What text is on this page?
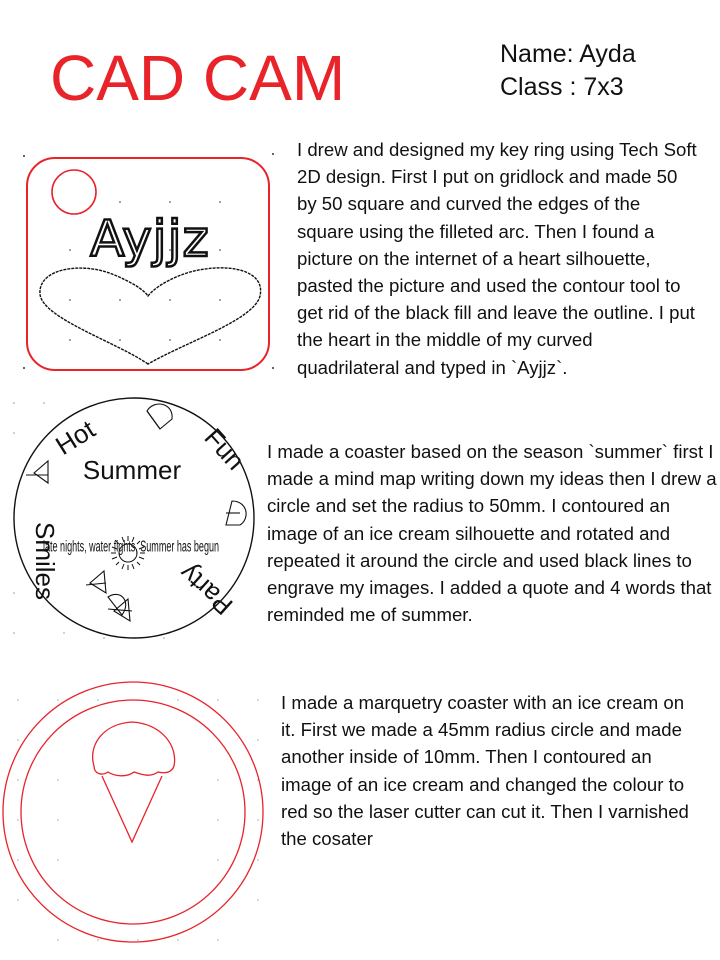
CAD CAM	Name: Ayda
Class : 7x3
Ayjjz
I drew and designed my key ring using Tech Soft 2D design. First I put on gridlock and made 50 by 50 square and curved the edges of the square using the filleted arc. Then I found a picture on the internet of a heart silhouette, pasted the picture and used the contour tool to get rid of the black fill and leave the outline. I put the heart in the middle of my curved quadrilateral and typed in `Ayjjz`.
Hot	Fun
Party
Smiles
Summer
late nights, water fights, Summer has begun
I made a coaster based on the season `summer` first I made a mind map writing down my ideas then I drew a circle and set the radius to 50mm. I contoured an image of an ice cream silhouette and rotated and repeated it around the circle and used black lines to engrave my images. I added a quote and 4 words that reminded me of summer.
I made a marquetry coaster with an ice cream on it. First we made a 45mm radius circle and made another inside of 10mm. Then I contoured an image of an ice cream and changed the colour to red so the laser cutter can cut it. Then I varnished the cosater
